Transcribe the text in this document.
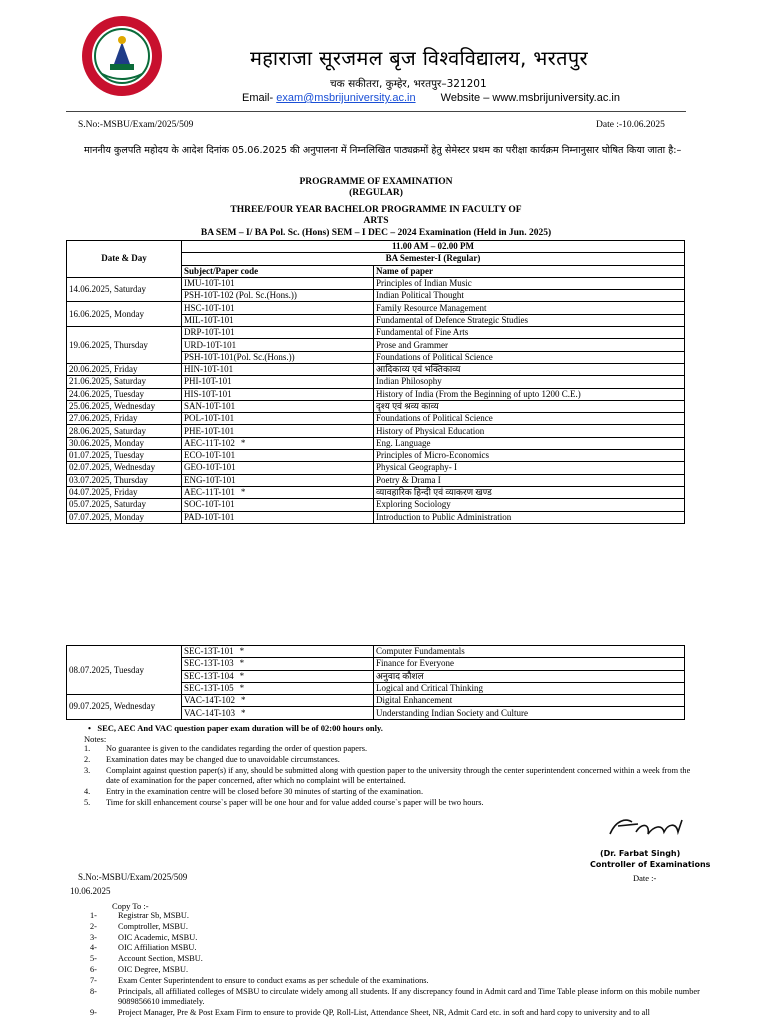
महाराजा सूरजमल बृज विश्वविद्यालय, भरतपुर
चक सकीतरा, कुम्हेर, भरतपुर–321201
Email- exam@msbrijuniversity.ac.in Website – www.msbrijuniversity.ac.in
S.No:-MSBU/Exam/2025/509	Date :-10.06.2025
माननीय कुलपति महोदय के आदेश दिनांक 05.06.2025 की अनुपालना में निम्नलिखित पाठ्यक्रमों हेतु सेमेस्टर प्रथम का परीक्षा कार्यक्रम निम्नानुसार घोषित किया जाता है:–
PROGRAMME OF EXAMINATION
(REGULAR)
THREE/FOUR YEAR BACHELOR PROGRAMME IN FACULTY OF
ARTS
BA SEM – I/ BA Pol. Sc. (Hons) SEM – I DEC – 2024 Examination (Held in Jun. 2025)
Date & Day	11.00 AM – 02.00 PM	
	BA Semester-I (Regular)	
	Subject/Paper code	Name of paper
14.06.2025, Saturday	IMU-10T-101	Principles of Indian Music
	PSH-10T-102 (Pol. Sc.(Hons.))	Indian Political Thought
16.06.2025, Monday	HSC-10T-101	Family Resource Management
	MIL-10T-101	Fundamental of Defence Strategic Studies
19.06.2025, Thursday	DRP-10T-101	Fundamental of Fine Arts
	URD-10T-101	Prose and Grammer
	PSH-10T-101(Pol. Sc.(Hons.))	Foundations of Political Science
20.06.2025, Friday	HIN-10T-101	आदिकाव्य एवं भक्तिकाव्य
21.06.2025, Saturday	PHI-10T-101	Indian Philosophy
24.06.2025, Tuesday	HIS-10T-101	History of India (From the Beginning of upto 1200 C.E.)
25.06.2025, Wednesday	SAN-10T-101	दृश्य एवं श्रव्य काव्य
27.06.2025, Friday	POL-10T-101	Foundations of Political Science
28.06.2025, Saturday	PHE-10T-101	History of Physical Education
30.06.2025, Monday	AEC-11T-102 *	Eng. Language
01.07.2025, Tuesday	ECO-10T-101	Principles of Micro-Economics
02.07.2025, Wednesday	GEO-10T-101	Physical Geography- I
03.07.2025, Thursday	ENG-10T-101	Poetry & Drama I
04.07.2025, Friday	AEC-11T-101 *	व्यावहारिक हिन्दी एवं व्याकरण खण्ड
05.07.2025, Saturday	SOC-10T-101	Exploring Sociology
07.07.2025, Monday	PAD-10T-101	Introduction to Public Administration
08.07.2025, Tuesday	SEC-13T-101 *	Computer Fundamentals
	SEC-13T-103 *	Finance for Everyone
	SEC-13T-104 *	अनुवाद कौशल
	SEC-13T-105 *	Logical and Critical Thinking
09.07.2025, Wednesday	VAC-14T-102 *	Digital Enhancement
	VAC-14T-103 *	Understanding Indian Society and Culture
•   SEC, AEC And VAC question paper exam duration will be of 02:00 hours only.
Notes:
1.	No guarantee is given to the candidates regarding the order of question papers.
2.	Examination dates may be changed due to unavoidable circumstances.
3.	Complaint against question paper(s) if any, should be submitted along with question paper to the university through the center superintendent concerned within a week from the date of examination for the paper concerned, after which no complaint will be entertained.
4.	Entry in the examination centre will be closed before 30 minutes of starting of the examination.
5.	Time for skill enhancement course`s paper will be one hour and for value added course`s paper will be two hours.
(Dr. Farbat Singh)
Controller of Examinations
Date :-
S.No:-MSBU/Exam/2025/509
10.06.2025
Copy To :-
1-	Registrar Sb, MSBU.
2-	Comptroller, MSBU.
3-	OIC Academic, MSBU.
4-	OIC Affiliation MSBU.
5-	Account Section, MSBU.
6-	OIC Degree, MSBU.
7-	Exam Center Superintendent to ensure to conduct exams as per schedule of the examinations.
8-	Principals, all affiliated colleges of MSBU to circulate widely among all students. If any discrepancy found in Admit card and Time Table please inform on this mobile number 9089856610 immediately.
9-	Project Manager, Pre & Post Exam Firm to ensure to provide QP, Roll-List, Attendance Sheet, NR, Admit Card etc. in soft and hard copy to university and to all
